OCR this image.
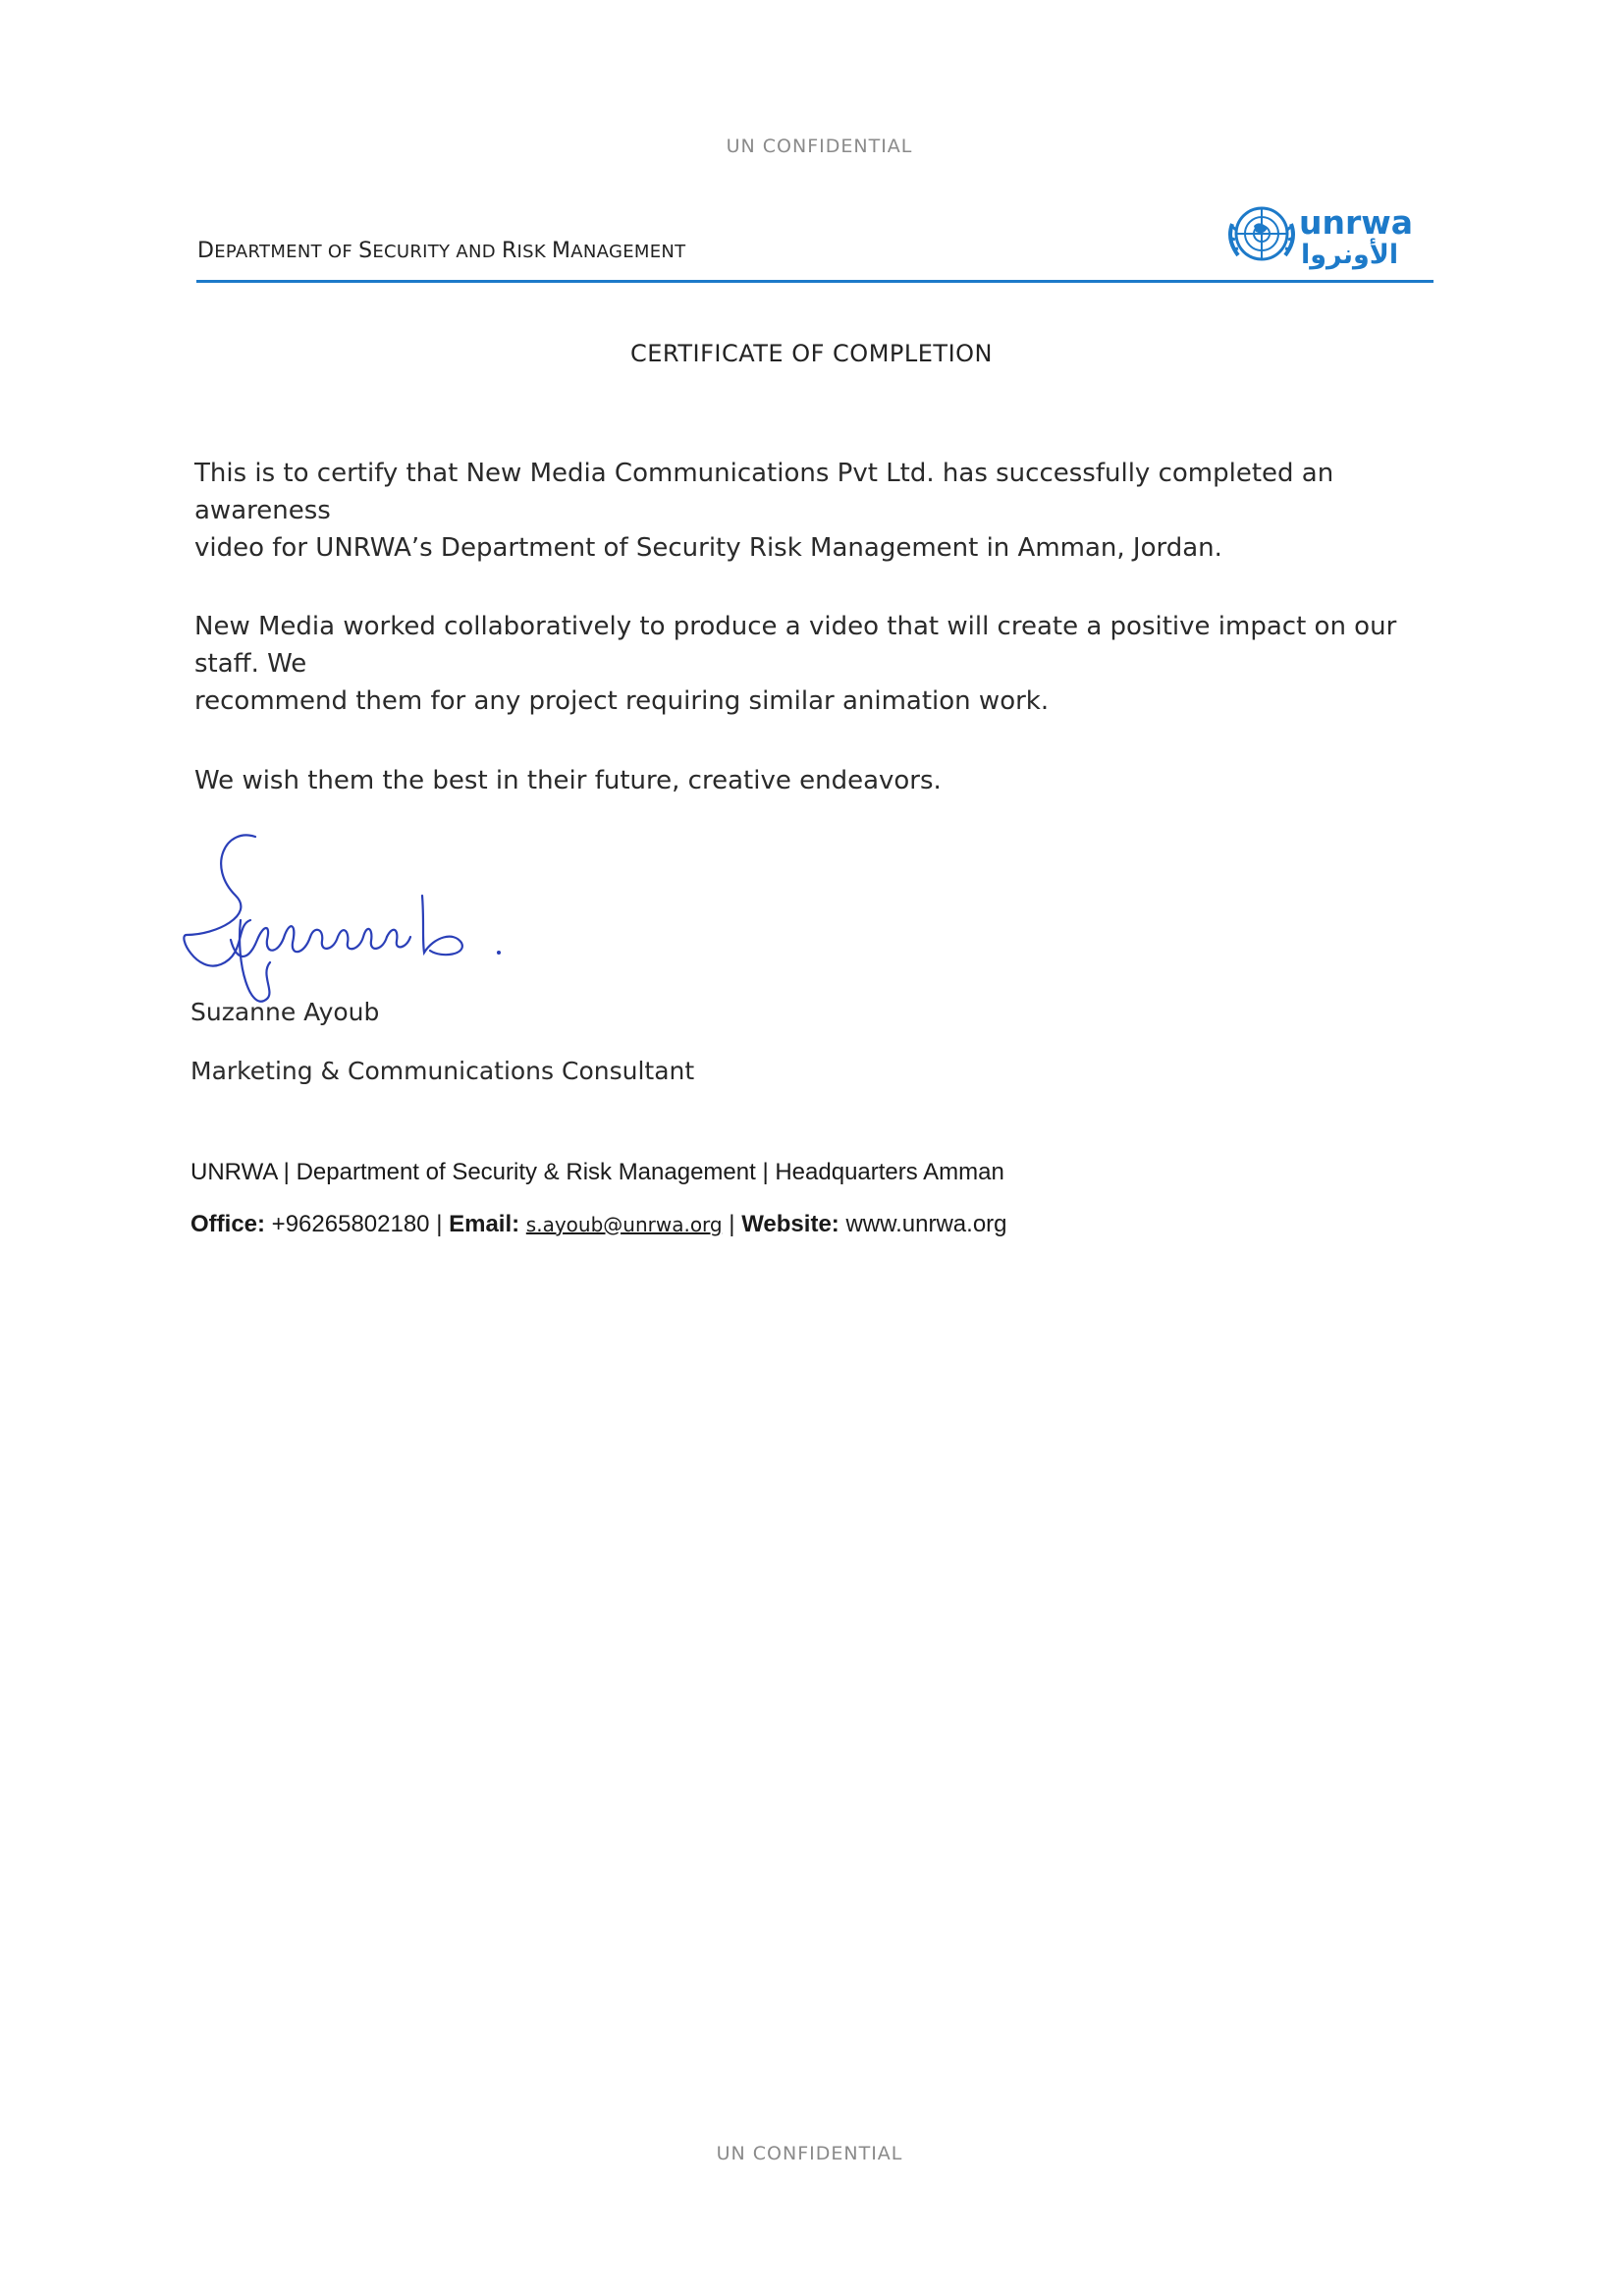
UN CONFIDENTIAL
DEPARTMENT OF SECURITY AND RISK MANAGEMENT
unrwa
الأونروا
CERTIFICATE OF COMPLETION
This is to certify that New Media Communications Pvt Ltd. has successfully completed an awareness
video for UNRWA’s Department of Security Risk Management in Amman, Jordan.
New Media worked collaboratively to produce a video that will create a positive impact on our staff. We
recommend them for any project requiring similar animation work.
We wish them the best in their future, creative endeavors.
Suzanne Ayoub
Marketing & Communications Consultant
UNRWA | Department of Security & Risk Management | Headquarters Amman
Office: +96265802180 | Email: s.ayoub@unrwa.org | Website: www.unrwa.org
UN CONFIDENTIAL
